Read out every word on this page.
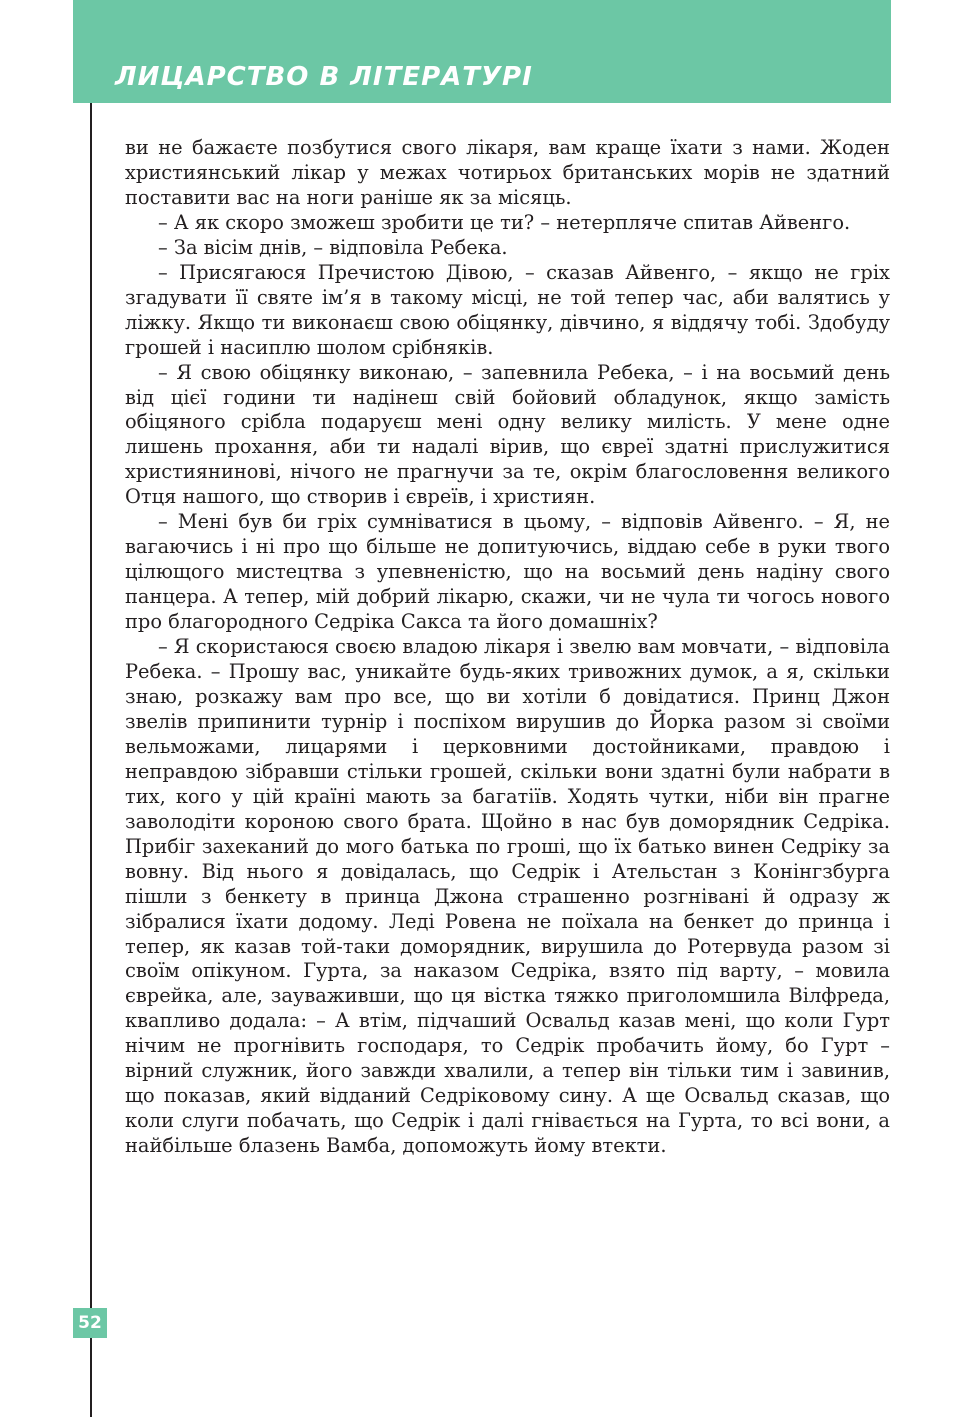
ЛИЦАРСТВО В ЛІТЕРАТУРІ
52

ви не бажаєте позбутися свого лікаря, вам краще їхати з нами. Жоден християнський лікар у межах чотирьох британських морів не здатний поставити вас на ноги раніше як за місяць.

– А як скоро зможеш зробити це ти? – нетерпляче спитав Айвенго.

– За вісім днів, – відповіла Ребека.

– Присягаюся Пречистою Дівою, – сказав Айвенго, – якщо не гріх згадувати її святе ім’я в такому місці, не той тепер час, аби валятись у ліжку. Якщо ти виконаєш свою обіцянку, дівчино, я віддячу тобі. Здобуду грошей і насиплю шолом срібняків.

– Я свою обіцянку виконаю, – запевнила Ребека, – і на восьмий день від цієї години ти надінеш свій бойовий обладунок, якщо замість обіцяного срібла подаруєш мені одну велику милість. У мене одне лишень прохання, аби ти надалі вірив, що євреї здатні прислужитися християнинові, нічого не прагнучи за те, окрім благословення великого Отця нашого, що створив і євреїв, і християн.

– Мені був би гріх сумніватися в цьому, – відповів Айвенго. – Я, не вагаючись і ні про що більше не допитуючись, віддаю себе в руки твого цілющого мистецтва з упевненістю, що на восьмий день надіну свого панцера. А тепер, мій добрий лікарю, скажи, чи не чула ти чогось нового про благородного Седріка Сакса та його домашніх?

– Я скористаюся своєю владою лікаря і звелю вам мовчати, – відповіла Ребека. – Прошу вас, уникайте будь-яких тривожних думок, а я, скільки знаю, розкажу вам про все, що ви хотіли б довідатися. Принц Джон звелів припинити турнір і поспіхом вирушив до Йорка разом зі своїми вельможами, лицарями і церковними достойниками, правдою і неправдою зібравши стільки грошей, скільки вони здатні були набрати в тих, кого у цій країні мають за багатіїв. Ходять чутки, ніби він прагне заволодіти короною свого брата. Щойно в нас був доморядник Седріка. Прибіг захеканий до мого батька по гроші, що їх батько винен Седріку за вовну. Від нього я довідалась, що Седрік і Ательстан з Конінгзбурга пішли з бенкету в принца Джона страшенно розгнівані й одразу ж зібралися їхати додому. Леді Ровена не поїхала на бенкет до принца і тепер, як казав той-таки доморядник, вирушила до Ротервуда разом зі своїм опікуном. Гурта, за наказом Седріка, взято під варту, – мовила єврейка, але, зауваживши, що ця вістка тяжко приголомшила Вілфреда, квапливо додала: – А втім, підчаший Освальд казав мені, що коли Гурт нічим не прогнівить господаря, то Седрік пробачить йому, бо Гурт – вірний служник, його завжди хвалили, а тепер він тільки тим і завинив, що показав, який відданий Седріковому сину. А ще Освальд сказав, що коли слуги побачать, що Седрік і далі гнівається на Гурта, то всі вони, а найбільше блазень Вамба, допоможуть йому втекти.
